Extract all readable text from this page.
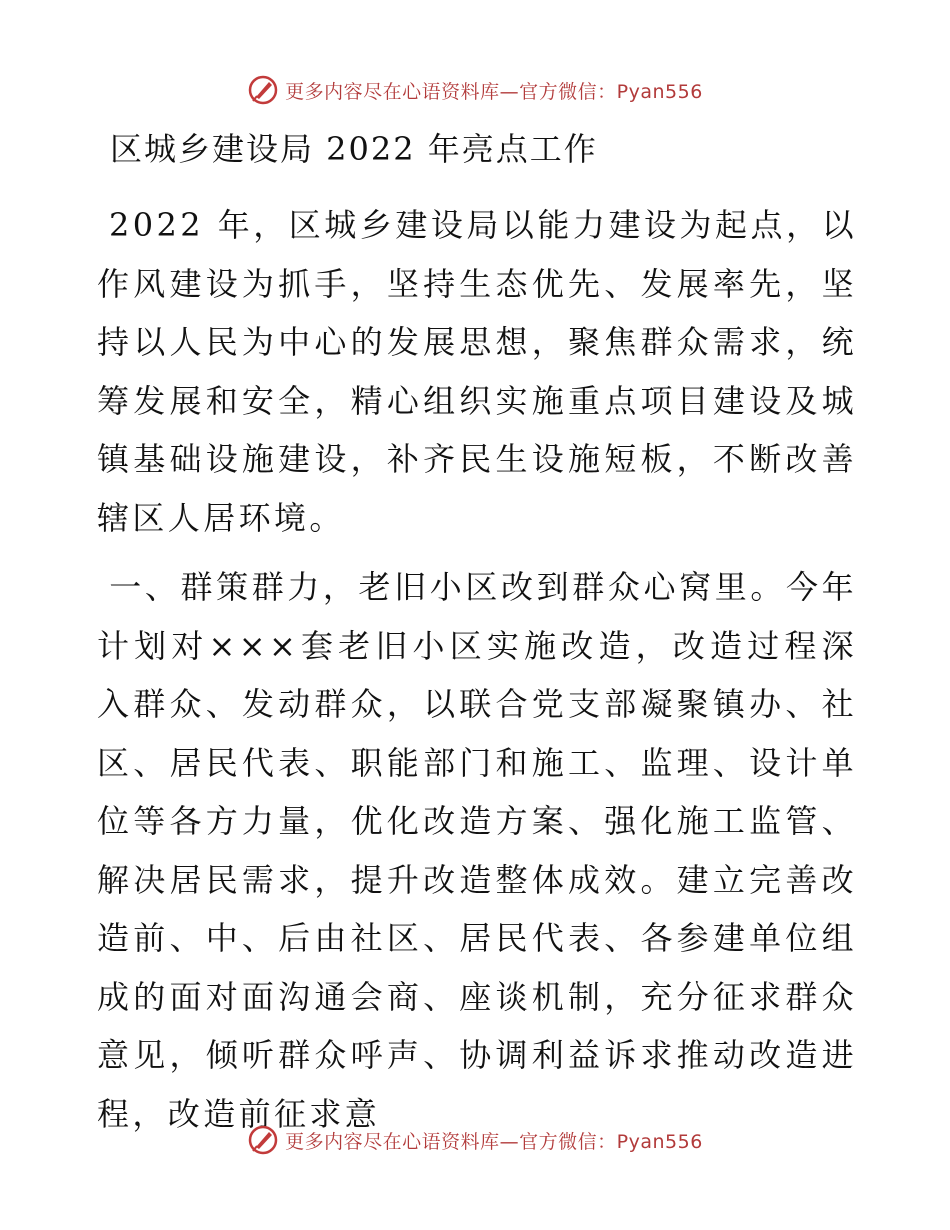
更多内容尽在心语资料库—官方微信：Pyan556
区城乡建设局 2022 年亮点工作

2022 年，区城乡建设局以能力建设为起点，以作风建设为抓手，坚持生态优先、发展率先，坚持以人民为中心的发展思想，聚焦群众需求，统筹发展和安全，精心组织实施重点项目建设及城镇基础设施建设，补齐民生设施短板，不断改善辖区人居环境。

一、群策群力，老旧小区改到群众心窝里。今年计划对×××套老旧小区实施改造，改造过程深入群众、发动群众，以联合党支部凝聚镇办、社区、居民代表、职能部门和施工、监理、设计单位等各方力量，优化改造方案、强化施工监管、解决居民需求，提升改造整体成效。建立完善改造前、中、后由社区、居民代表、各参建单位组成的面对面沟通会商、座谈机制，充分征求群众意见，倾听群众呼声、协调利益诉求推动改造进程，改造前征求意

更多内容尽在心语资料库—官方微信：Pyan556
